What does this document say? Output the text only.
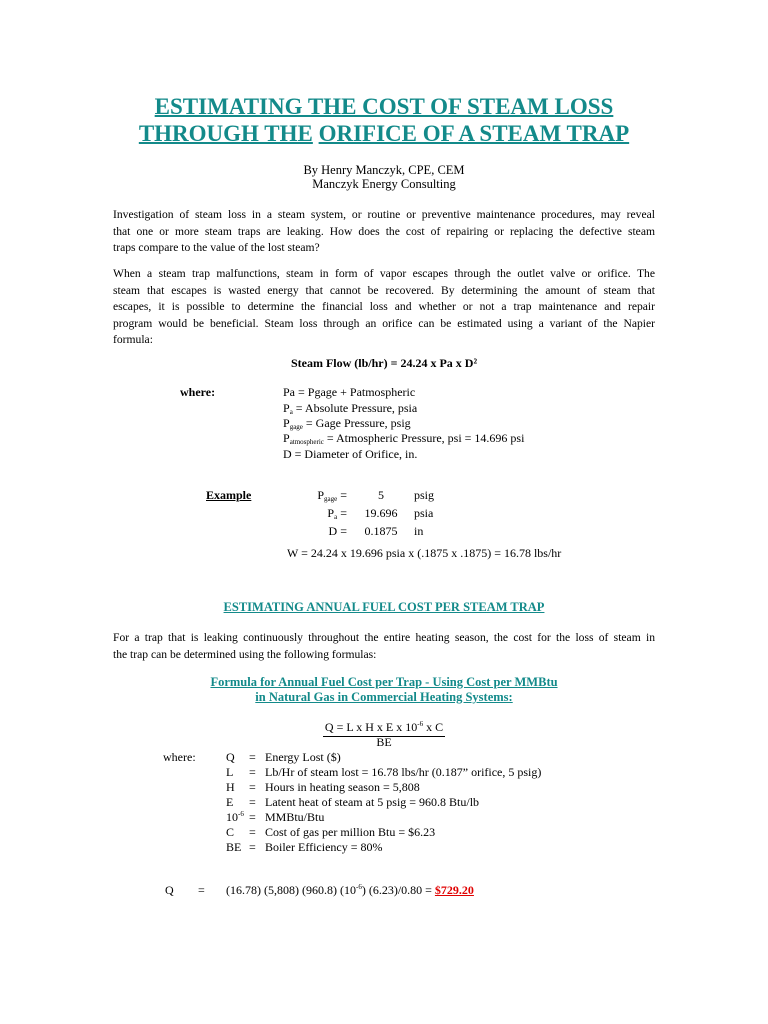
ESTIMATING THE COST OF STEAM LOSS
THROUGH THE ORIFICE OF A STEAM TRAP
By Henry Manczyk, CPE, CEM
Manczyk Energy Consulting
Investigation of steam loss in a steam system, or routine or preventive maintenance procedures, may reveal
that one or more steam traps are leaking. How does the cost of repairing or replacing the defective steam
traps compare to the value of the lost steam?
When a steam trap malfunctions, steam in form of vapor escapes through the outlet valve or orifice. The
steam that escapes is wasted energy that cannot be recovered. By determining the amount of steam that
escapes, it is possible to determine the financial loss and whether or not a trap maintenance and repair
program would be beneficial. Steam loss through an orifice can be estimated using a variant of the Napier
formula:
Steam Flow (lb/hr) = 24.24 x Pa x D²
where:	Pa = Pgage + Patmospheric
$P_a$ = Absolute Pressure, psia
$P_{gage}$ = Gage Pressure, psig
$P_{atmospheric}$ = Atmospheric Pressure, psi = 14.696 psi
D = Diameter of Orifice, in.
Example	$P_{gage}$ =	5	psig
$P_a$ =	19.696	psia
D =	0.1875	in
W = 24.24 x 19.696 psia x (.1875 x .1875) = 16.78 lbs/hr
ESTIMATING ANNUAL FUEL COST PER STEAM TRAP
For a trap that is leaking continuously throughout the entire heating season, the cost for the loss of steam in
the trap can be determined using the following formulas:
Formula for Annual Fuel Cost per Trap - Using Cost per MMBtu
in Natural Gas in Commercial Heating Systems:
Q = L x H x E x $10^{-6}$ x C
BE
where:	Q = Energy Lost ($)
L = Lb/Hr of steam lost = 16.78 lbs/hr (0.187” orifice, 5 psig)
H = Hours in heating season = 5,808
E = Latent heat of steam at 5 psig = 960.8 Btu/lb
$10^{-6}$ = MMBtu/Btu
C = Cost of gas per million Btu = $6.23
BE = Boiler Efficiency = 80%
Q = (16.78) (5,808) (960.8) $(10^{-6}) (6.23)/0.80$ = $729.20
